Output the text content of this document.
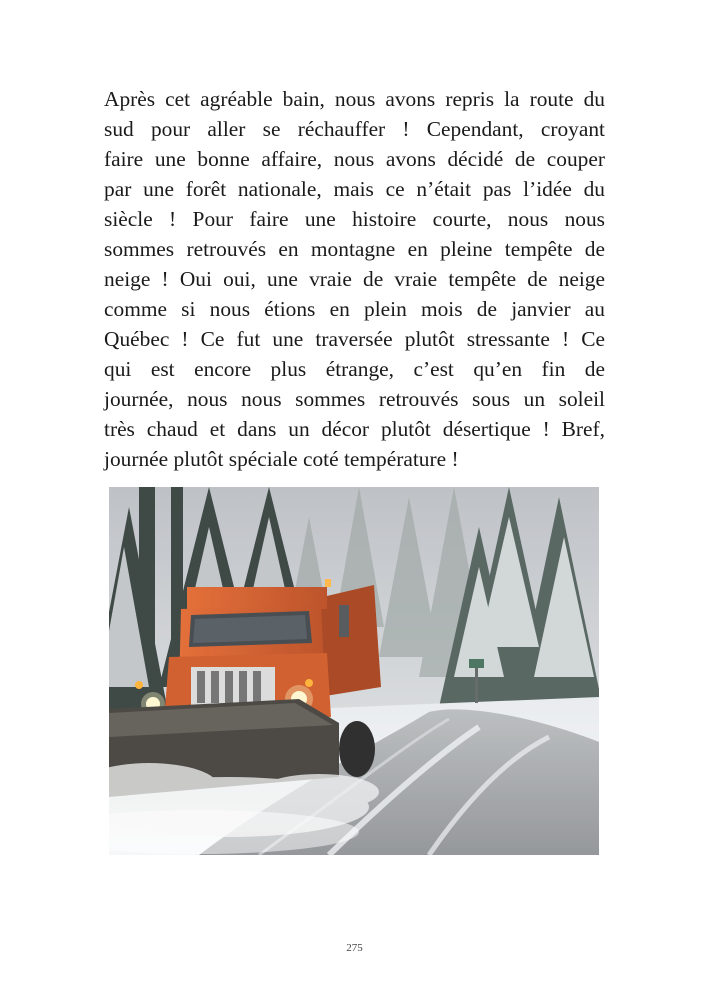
Après cet agréable bain, nous avons repris la route du
sud pour aller se réchauffer ! Cependant, croyant
faire une bonne affaire, nous avons décidé de couper
par une forêt nationale, mais ce n’était pas l’idée du
siècle ! Pour faire une histoire courte, nous nous
sommes retrouvés en montagne en pleine tempête de
neige ! Oui oui, une vraie de vraie tempête de neige
comme si nous étions en plein mois de janvier au
Québec ! Ce fut une traversée plutôt stressante ! Ce
qui est encore plus étrange, c’est qu’en fin de
journée, nous nous sommes retrouvés sous un soleil
très chaud et dans un décor plutôt désertique ! Bref,
journée plutôt spéciale coté température !
275
